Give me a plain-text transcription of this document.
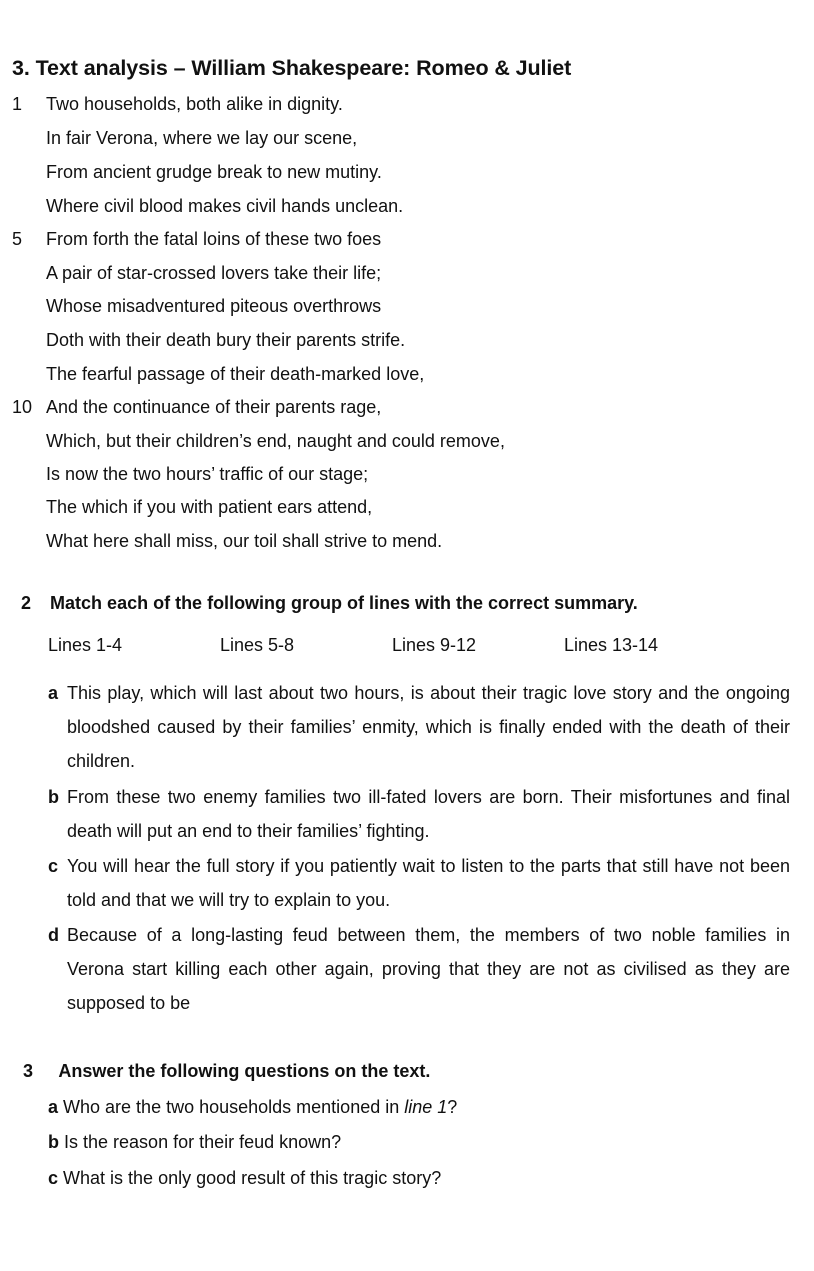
3. Text analysis – William Shakespeare: Romeo & Juliet
1	Two households, both alike in dignity.
In fair Verona, where we lay our scene,
From ancient grudge break to new mutiny.
Where civil blood makes civil hands unclean.
5	From forth the fatal loins of these two foes
A pair of star-crossed lovers take their life;
Whose misadventured piteous overthrows
Doth with their death bury their parents strife.
The fearful passage of their death-marked love,
10 And the continuance of their parents rage,
Which, but their children’s end, naught and could remove,
Is now the two hours’ traffic of our stage;
The which if you with patient ears attend,
What here shall miss, our toil shall strive to mend.
2 Match each of the following group of lines with the correct summary.
Lines 1-4	Lines 5-8	Lines 9-12	Lines 13-14
a This play, which will last about two hours, is about their tragic love story and the ongoing bloodshed caused by their families’ enmity, which is finally ended with the death of their children.
b From these two enemy families two ill-fated lovers are born. Their misfortunes and final death will put an end to their families’ fighting.
c You will hear the full story if you patiently wait to listen to the parts that still have not been told and that we will try to explain to you.
d Because of a long-lasting feud between them, the members of two noble families in Verona start killing each other again, proving that they are not as civilised as they are supposed to be
3 Answer the following questions on the text.
a Who are the two households mentioned in line 1?
b Is the reason for their feud known?
c What is the only good result of this tragic story?
